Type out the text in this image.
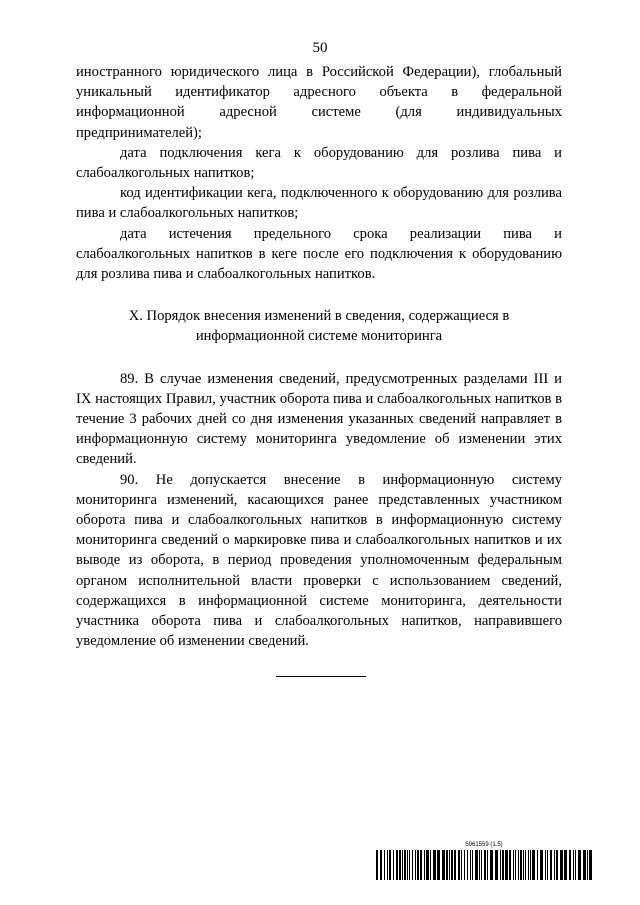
50

иностранного юридического лица в Российской Федерации), глобальный уникальный идентификатор адресного объекта в федеральной информационной адресной системе (для индивидуальных предпринимателей);

дата подключения кега к оборудованию для розлива пива и слабоалкогольных напитков;

код идентификации кега, подключенного к оборудованию для розлива пива и слабоалкогольных напитков;

дата истечения предельного срока реализации пива и слабоалкогольных напитков в кеге после его подключения к оборудованию для розлива пива и слабоалкогольных напитков.

X. Порядок внесения изменений в сведения, содержащиеся в
информационной системе мониторинга

89. В случае изменения сведений, предусмотренных разделами III и IX настоящих Правил, участник оборота пива и слабоалкогольных напитков в течение 3 рабочих дней со дня изменения указанных сведений направляет в информационную систему мониторинга уведомление об изменении этих сведений.

90. Не допускается внесение в информационную систему мониторинга изменений, касающихся ранее представленных участником оборота пива и слабоалкогольных напитков в информационную систему мониторинга сведений о маркировке пива и слабоалкогольных напитков и их выводе из оборота, в период проведения уполномоченным федеральным органом исполнительной власти проверки с использованием сведений, содержащихся в информационной системе мониторинга, деятельности участника оборота пива и слабоалкогольных напитков, направившего уведомление об изменении сведений.

5961559 (1.5)
